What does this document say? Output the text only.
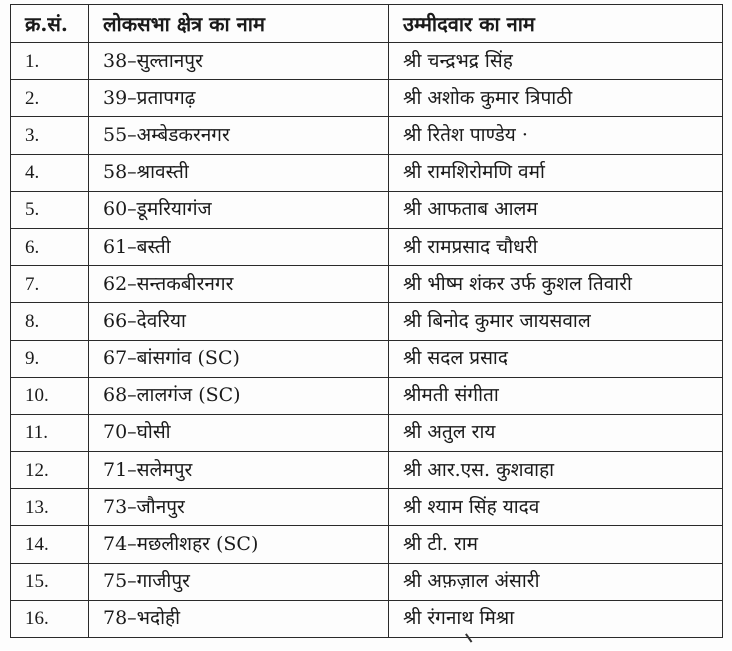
क्र.सं.	लोकसभा क्षेत्र का नाम	उम्मीदवार का नाम
1.	38–सुल्तानपुर	श्री चन्द्रभद्र सिंह
2.	39–प्रतापगढ़	श्री अशोक कुमार त्रिपाठी
3.	55–अम्बेडकरनगर	श्री रितेश पाण्डेय ·
4.	58–श्रावस्ती	श्री रामशिरोमणि वर्मा
5.	60–डूमरियागंज	श्री आफताब आलम
6.	61–बस्ती	श्री रामप्रसाद चौधरी
7.	62–सन्तकबीरनगर	श्री भीष्म शंकर उर्फ कुशल तिवारी
8.	66–देवरिया	श्री बिनोद कुमार जायसवाल
9.	67–बांसगांव (SC)	श्री सदल प्रसाद
10.	68–लालगंज (SC)	श्रीमती संगीता
11.	70–घोसी	श्री अतुल राय
12.	71–सलेमपुर	श्री आर.एस. कुशवाहा
13.	73–जौनपुर	श्री श्याम सिंह यादव
14.	74–मछलीशहर (SC)	श्री टी. राम
15.	75–गाजीपुर	श्री अफ़ज़ाल अंसारी
16.	78–भदोही	श्री रंगनाथ मिश्रा
